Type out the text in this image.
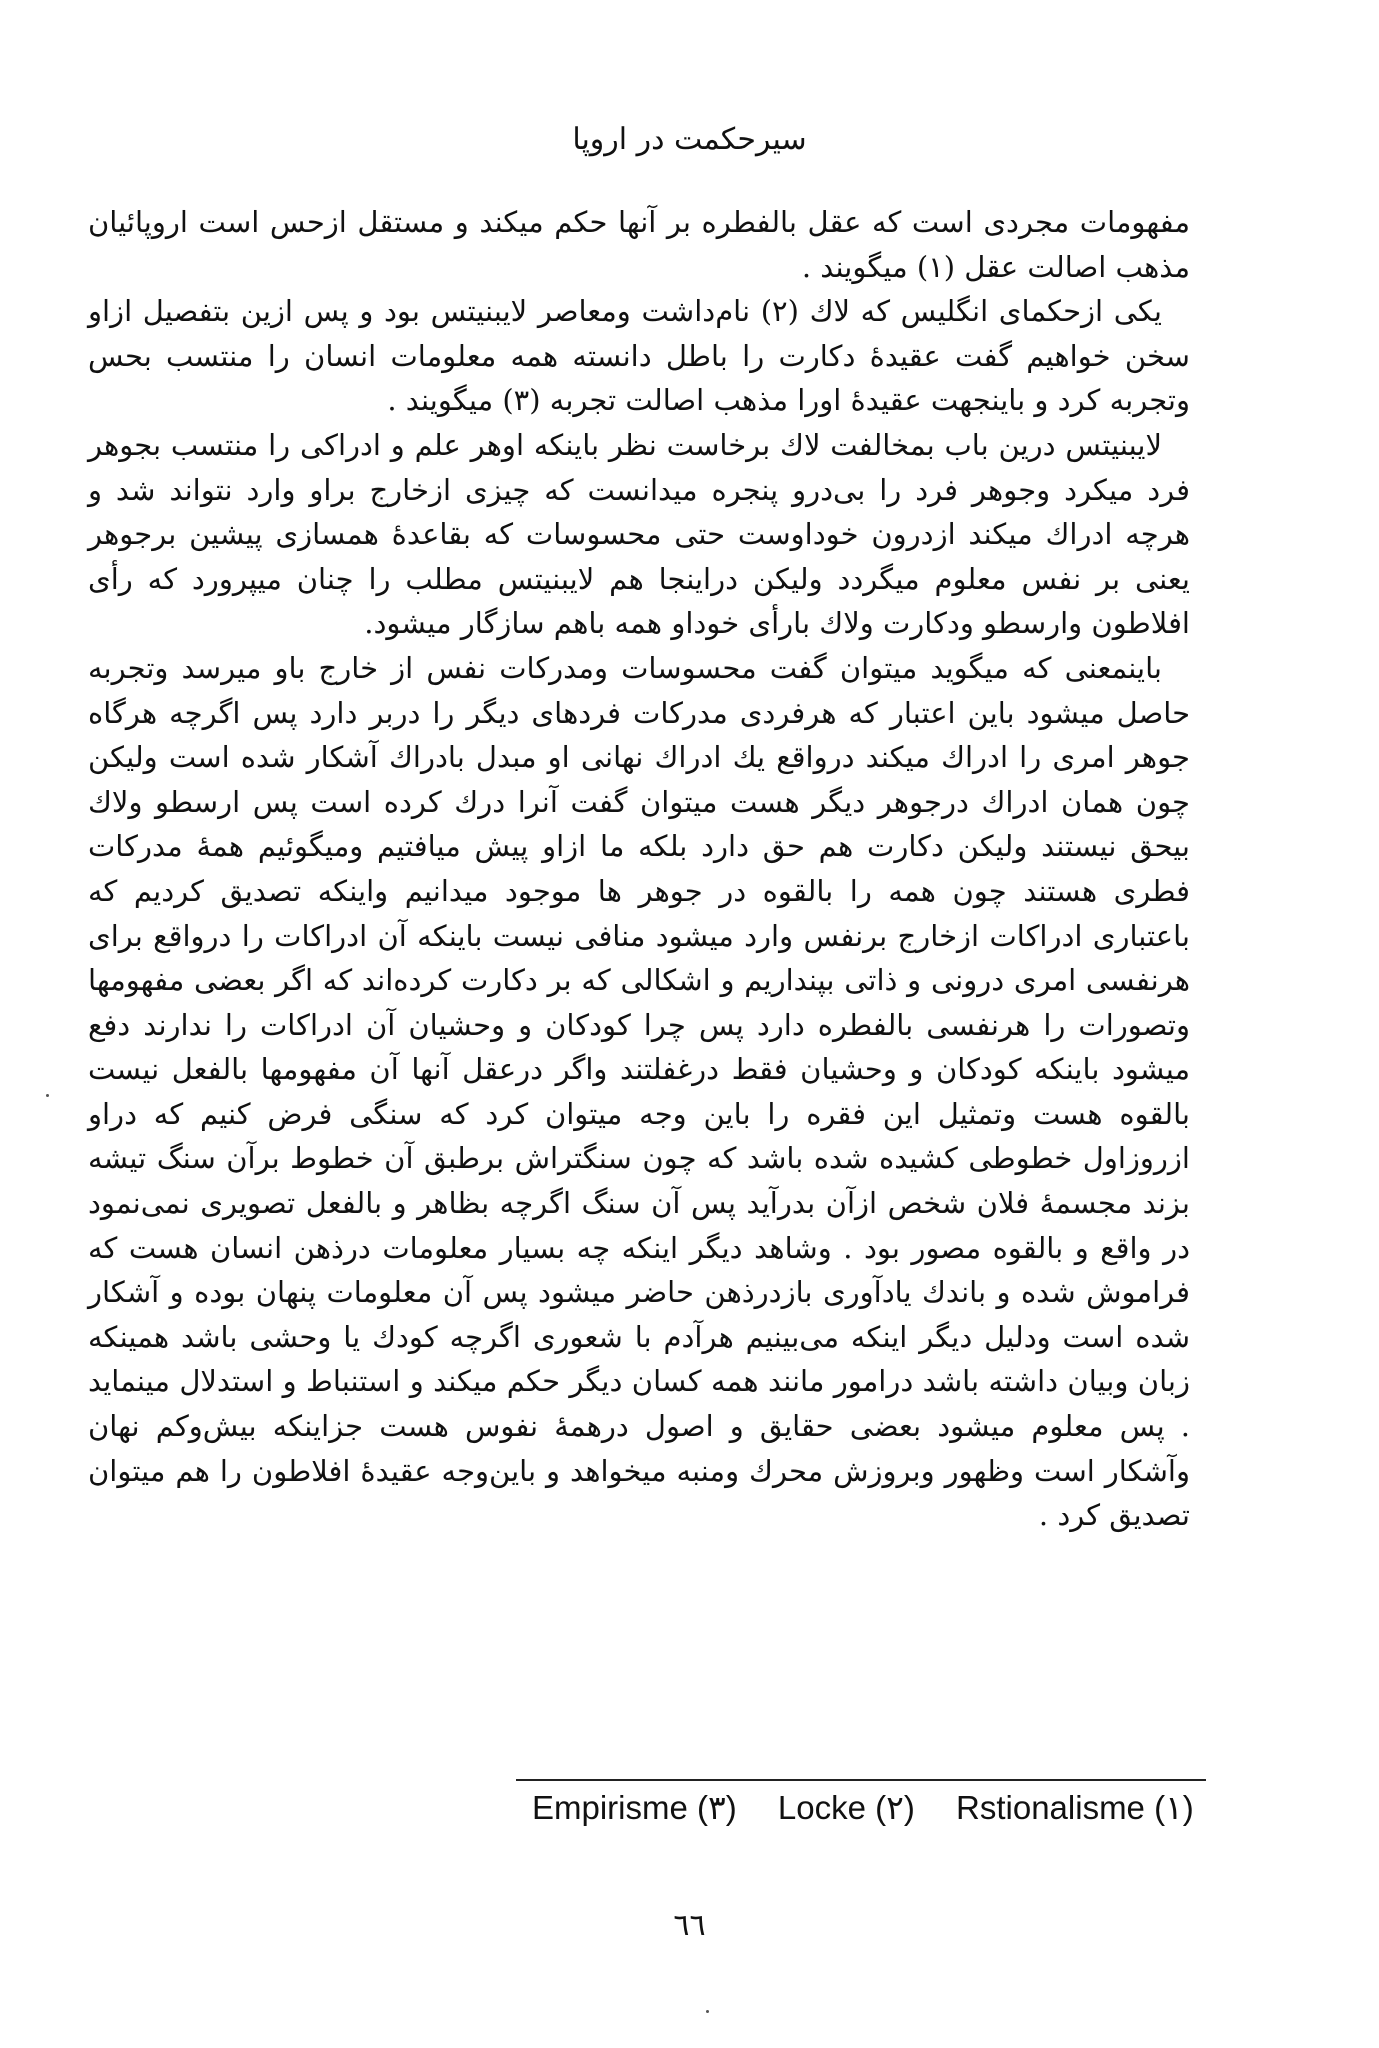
سیرحکمت در اروپا

مفهومات مجردی است که عقل بالفطره بر آنها حکم میکند و مستقل ازحس است اروپائیان مذهب اصالت عقل (۱) میگویند .

یکی ازحکمای انگلیس که لاك (۲) نام‌داشت ومعاصر لایبنیتس بود و پس ازین بتفصیل ازاو سخن خواهیم گفت عقیدهٔ دکارت را باطل دانسته همه معلومات انسان را منتسب بحس وتجربه کرد و باینجهت عقیدهٔ اورا مذهب اصالت تجربه (۳) میگویند .

لایبنیتس درین باب بمخالفت لاك برخاست نظر باینکه اوهر علم و ادراکی را منتسب بجوهر فرد میکرد وجوهر فرد را بی‌درو پنجره میدانست که چیزی ازخارج براو وارد نتواند شد و هرچه ادراك میکند ازدرون خوداوست حتی محسوسات که بقاعدهٔ همسازی پیشین برجوهر یعنی بر نفس معلوم میگردد ولیکن دراینجا هم لایبنیتس مطلب را چنان میپرورد که رأی افلاطون وارسطو ودکارت ولاك بارأی خوداو همه باهم سازگار میشود.

باینمعنی که میگوید میتوان گفت محسوسات ومدرکات نفس از خارج باو میرسد وتجربه حاصل میشود باین اعتبار که هرفردی مدرکات فردهای دیگر را دربر دارد پس اگرچه هرگاه جوهر امری را ادراك میکند درواقع یك ادراك نهانی او مبدل بادراك آشکار شده است ولیکن چون همان ادراك درجوهر دیگر هست میتوان گفت آنرا درك کرده است پس ارسطو ولاك بیحق نیستند ولیکن دکارت هم حق دارد بلکه ما ازاو پیش میافتیم ومیگوئیم همهٔ مدرکات فطری هستند چون همه را بالقوه در جوهر ها موجود میدانیم واینکه تصدیق کردیم که باعتباری ادراکات ازخارج برنفس وارد میشود منافی نیست باینکه آن ادراکات را درواقع برای هرنفسی امری درونی و ذاتی بپنداریم و اشکالی که بر دکارت کرده‌اند که اگر بعضی مفهومها وتصورات را هرنفسی بالفطره دارد پس چرا کودکان و وحشیان آن ادراکات را ندارند دفع میشود باینکه کودکان و وحشیان فقط درغفلتند واگر درعقل آنها آن مفهومها بالفعل نیست بالقوه هست وتمثیل این فقره را باین وجه میتوان کرد که سنگی فرض کنیم که دراو ازروزاول خطوطی کشیده شده باشد که چون سنگتراش برطبق آن خطوط برآن سنگ تیشه بزند مجسمهٔ فلان شخص ازآن بدرآید پس آن سنگ اگرچه بظاهر و بالفعل تصویری نمی‌نمود در واقع و بالقوه مصور بود . وشاهد دیگر اینکه چه بسیار معلومات درذهن انسان هست که فراموش شده و باندك یادآوری بازدرذهن حاضر میشود پس آن معلومات پنهان بوده و آشکار شده است ودلیل دیگر اینکه می‌بینیم هرآدم با شعوری اگرچه کودك یا وحشی باشد همینکه زبان وبیان داشته باشد درامور مانند همه کسان دیگر حکم میکند و استنباط و استدلال مینماید . پس معلوم میشود بعضی حقایق و اصول درهمهٔ نفوس هست جزاینکه بیش‌وکم نهان وآشکار است وظهور وبروزش محرك ومنبه میخواهد و باین‌وجه عقیدهٔ افلاطون را هم میتوان تصدیق کرد .

Empirisme (۳) Locke (۲) Rstionalisme (۱)
٦٦
